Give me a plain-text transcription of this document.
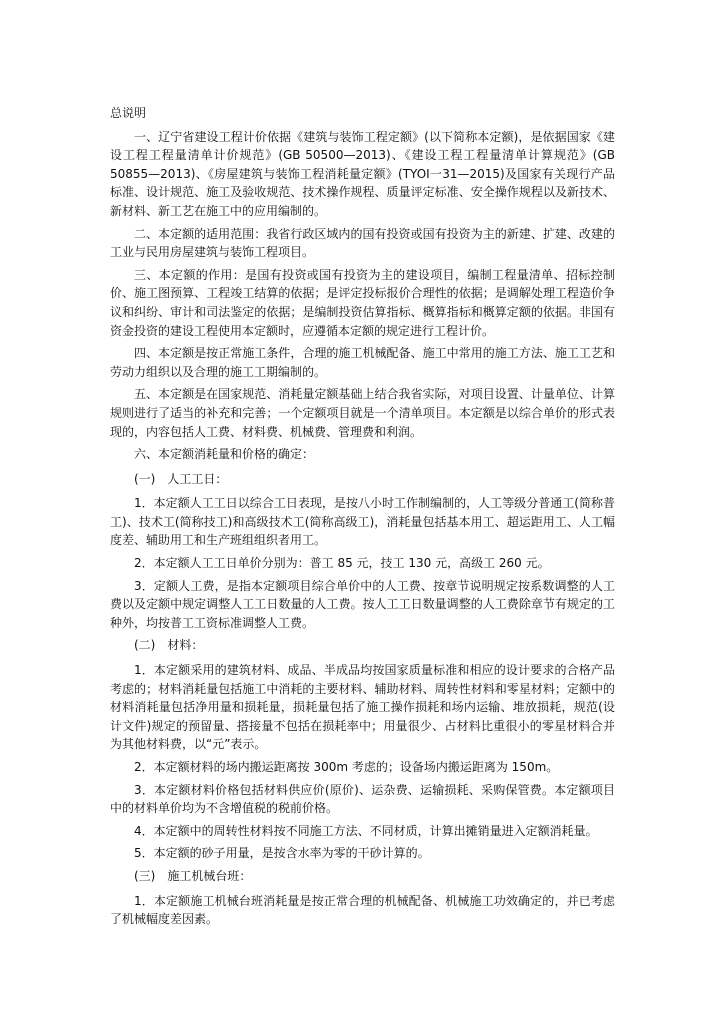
总说明

一、辽宁省建设工程计价依据《建筑与装饰工程定额》(以下简称本定额)，是依据国家《建设工程工程量清单计价规范》(GB 50500—2013)、《建设工程工程量清单计算规范》(GB 50855—2013)、《房屋建筑与装饰工程消耗量定额》(TYOI一31—2015)及国家有关现行产品标准、设计规范、施工及验收规范、技术操作规程、质量评定标准、安全操作规程以及新技术、新材料、新工艺在施工中的应用编制的。

二、本定额的适用范围：我省行政区域内的国有投资或国有投资为主的新建、扩建、改建的工业与民用房屋建筑与装饰工程项目。

三、本定额的作用：是国有投资或国有投资为主的建设项目，编制工程量清单、招标控制价、施工图预算、工程竣工结算的依据；是评定投标报价合理性的依据；是调解处理工程造价争议和纠纷、审计和司法鉴定的依据；是编制投资估算指标、概算指标和概算定额的依据。非国有资金投资的建设工程使用本定额时，应遵循本定额的规定进行工程计价。

四、本定额是按正常施工条件，合理的施工机械配备、施工中常用的施工方法、施工工艺和劳动力组织以及合理的施工工期编制的。

五、本定额是在国家规范、消耗量定额基础上结合我省实际，对项目设置、计量单位、计算规则进行了适当的补充和完善；一个定额项目就是一个清单项目。本定额是以综合单价的形式表现的，内容包括人工费、材料费、机械费、管理费和利润。

六、本定额消耗量和价格的确定：

(一)　人工工日：

1．本定额人工工日以综合工日表现，是按八小时工作制编制的，人工等级分普通工(简称普工)、技术工(简称技工)和高级技术工(简称高级工)，消耗量包括基本用工、超运距用工、人工幅度差、辅助用工和生产班组组织者用工。

2．本定额人工工日单价分别为：普工 85 元，技工 130 元，高级工 260 元。

3．定额人工费，是指本定额项目综合单价中的人工费、按章节说明规定按系数调整的人工费以及定额中规定调整人工工日数量的人工费。按人工工日数量调整的人工费除章节有规定的工种外，均按普工工资标准调整人工费。

(二)　材料：

1．本定额采用的建筑材料、成品、半成品均按国家质量标准和相应的设计要求的合格产品考虑的；材料消耗量包括施工中消耗的主要材料、辅助材料、周转性材料和零星材料；定额中的材料消耗量包括净用量和损耗量，损耗量包括了施工操作损耗和场内运输、堆放损耗，规范(设计文件)规定的预留量、搭接量不包括在损耗率中；用量很少、占材料比重很小的零星材料合并为其他材料费，以“元”表示。

2．本定额材料的场内搬运距离按 300m 考虑的；设备场内搬运距离为 150m。

3．本定额材料价格包括材料供应价(原价)、运杂费、运输损耗、采购保管费。本定额项目中的材料单价均为不含增值税的税前价格。

4．本定额中的周转性材料按不同施工方法、不同材质，计算出摊销量进入定额消耗量。

5．本定额的砂子用量，是按含水率为零的干砂计算的。

(三)　施工机械台班：

1．本定额施工机械台班消耗量是按正常合理的机械配备、机械施工功效确定的，并已考虑了机械幅度差因素。
